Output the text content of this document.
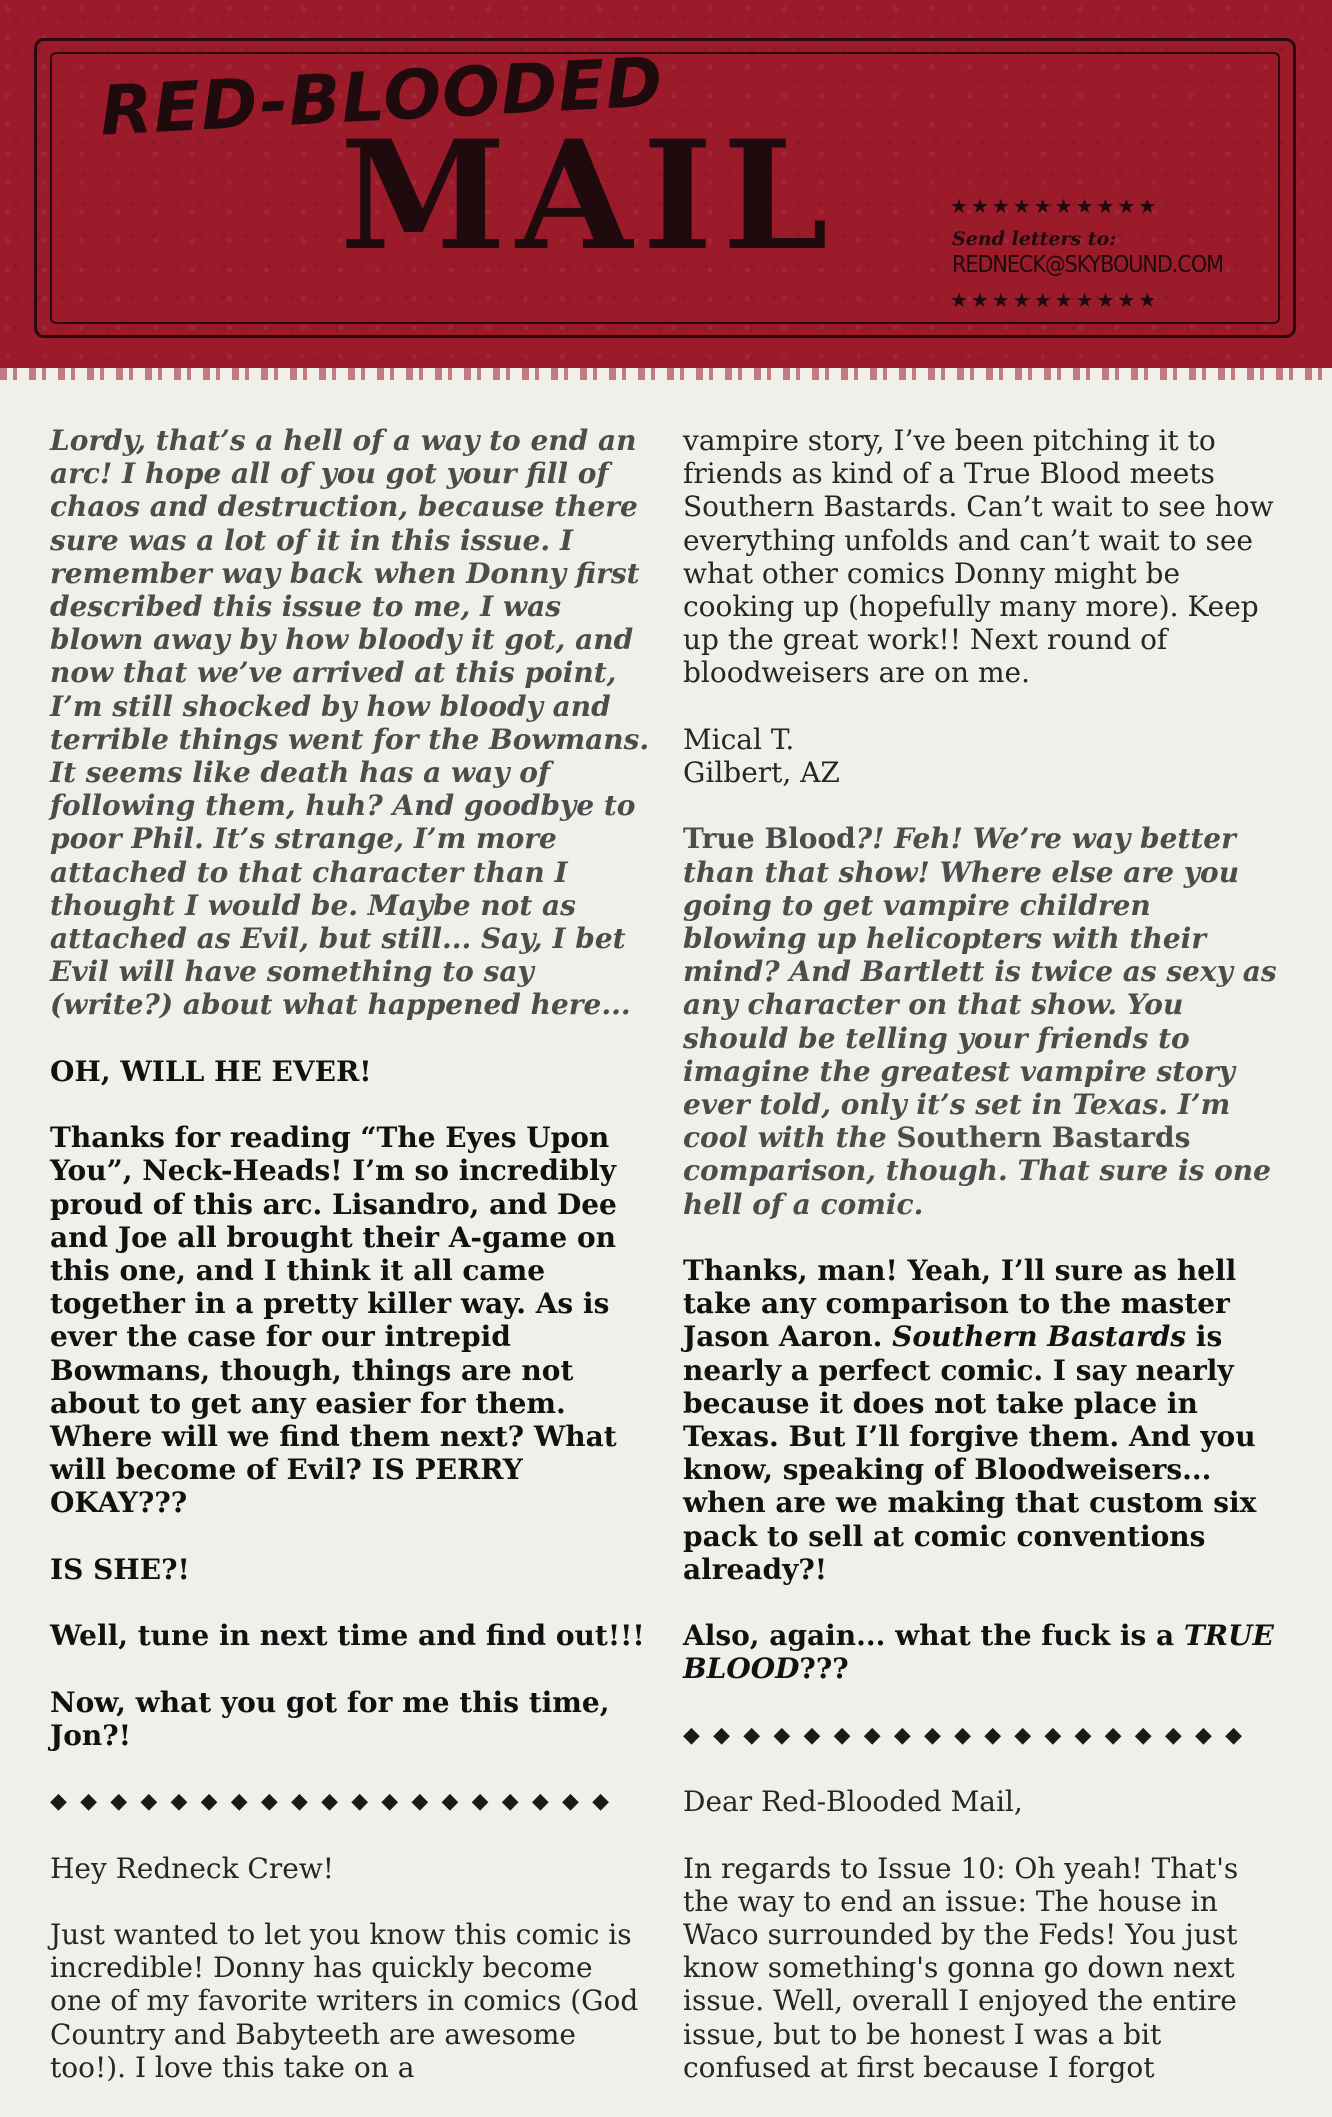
RED-BLOODED
MAIL	★★★★★★★★★★
Send letters to:
REDNECK@SKYBOUND.COM
★★★★★★★★★★

Lordy, that’s a hell of a way to end an arc! I hope all of you got your fill of chaos and destruction, because there sure was a lot of it in this issue. I remember way back when Donny first described this issue to me, I was blown away by how bloody it got, and now that we’ve arrived at this point, I’m still shocked by how bloody and terrible things went for the Bowmans. It seems like death has a way of following them, huh? And goodbye to poor Phil. It’s strange, I’m more attached to that character than I thought I would be. Maybe not as attached as Evil, but still... Say, I bet Evil will have something to say (write?) about what happened here...

OH, WILL HE EVER!

Thanks for reading “The Eyes Upon You”, Neck-Heads! I’m so incredibly proud of this arc. Lisandro, and Dee and Joe all brought their A-game on this one, and I think it all came together in a pretty killer way. As is ever the case for our intrepid Bowmans, though, things are not about to get any easier for them. Where will we find them next? What will become of Evil? IS PERRY OKAY???

IS SHE?!

Well, tune in next time and find out!!!

Now, what you got for me this time, Jon?!

◆◆◆◆◆◆◆◆◆◆◆◆◆◆◆◆◆◆◆

Hey Redneck Crew!

Just wanted to let you know this comic is incredible! Donny has quickly become one of my favorite writers in comics (God Country and Babyteeth are awesome too!). I love this take on a

vampire story, I’ve been pitching it to friends as kind of a True Blood meets Southern Bastards. Can’t wait to see how everything unfolds and can’t wait to see what other comics Donny might be cooking up (hopefully many more). Keep up the great work!! Next round of bloodweisers are on me.

Mical T.
Gilbert, AZ

True Blood?! Feh! We’re way better than that show! Where else are you going to get vampire children blowing up helicopters with their mind? And Bartlett is twice as sexy as any character on that show. You should be telling your friends to imagine the greatest vampire story ever told, only it’s set in Texas. I’m cool with the Southern Bastards comparison, though. That sure is one hell of a comic.

Thanks, man! Yeah, I’ll sure as hell take any comparison to the master Jason Aaron. Southern Bastards is nearly a perfect comic. I say nearly because it does not take place in Texas. But I’ll forgive them. And you know, speaking of Bloodweisers... when are we making that custom six pack to sell at comic conventions already?!

Also, again... what the fuck is a TRUE BLOOD???

◆◆◆◆◆◆◆◆◆◆◆◆◆◆◆◆◆◆◆

Dear Red-Blooded Mail,

In regards to Issue 10: Oh yeah! That's the way to end an issue: The house in Waco surrounded by the Feds! You just know something's gonna go down next issue. Well, overall I enjoyed the entire issue, but to be honest I was a bit confused at first because I forgot
